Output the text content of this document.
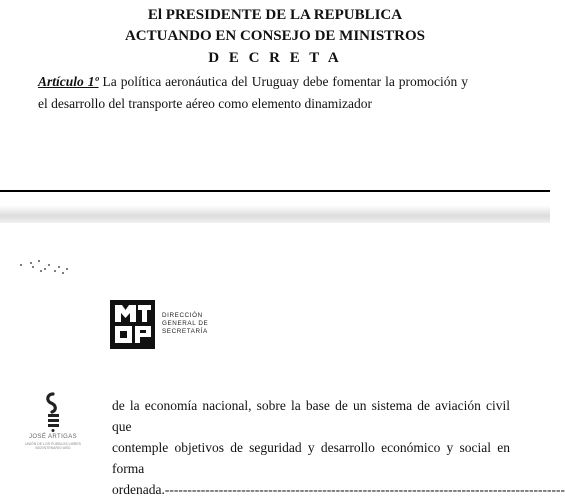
El PRESIDENTE DE LA REPUBLICA
ACTUANDO EN CONSEJO DE MINISTROS
D E C R E T A
Artículo 1º La política aeronáutica del Uruguay debe fomentar la promoción y el desarrollo del transporte aéreo como elemento dinamizador
DIRECCIÓN
GENERAL DE
SECRETARÍA
JOSÉ ARTIGAS
UNIÓN DE LOS PUEBLOS LIBRES
BICENTENARIO·AÑO
de la economía nacional, sobre la base de un sistema de aviación civil que
contemple objetivos de seguridad y desarrollo económico y social en forma
ordenada.-----------------------------------------------------------------------------------------
